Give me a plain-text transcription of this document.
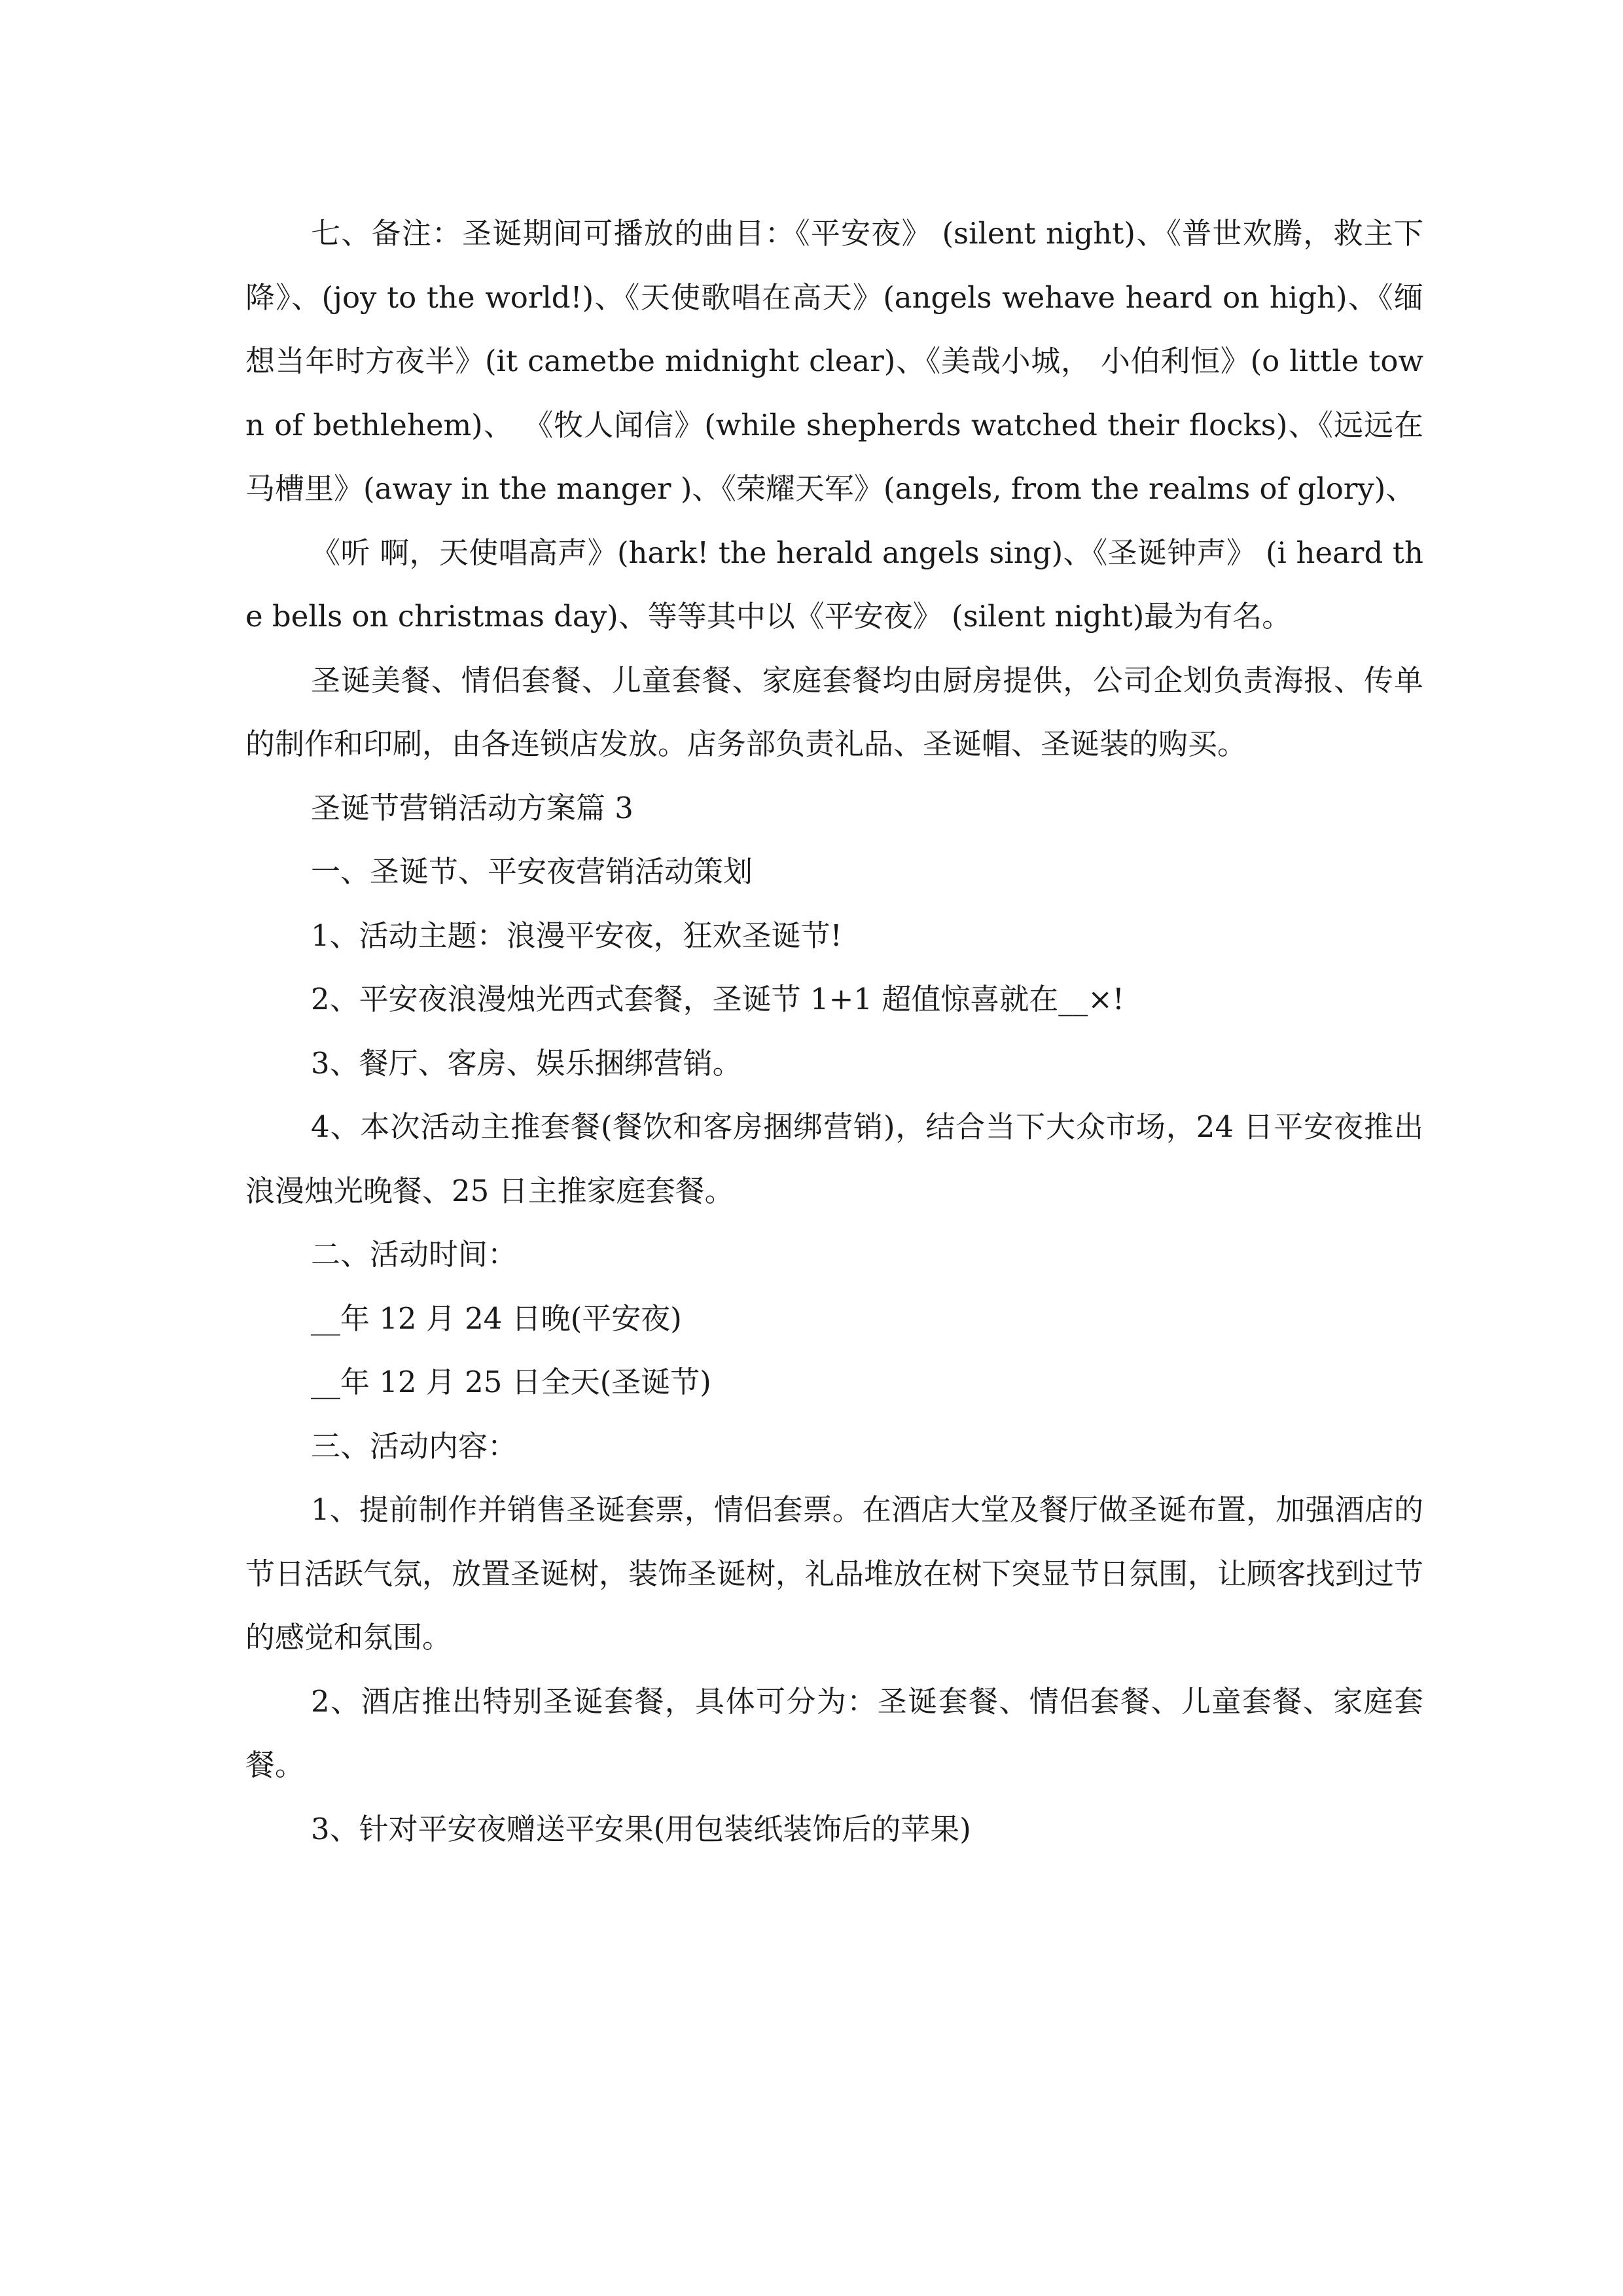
七、备注：圣诞期间可播放的曲目：《平安夜》 (silent night)、《普世欢腾，救主下降》、(joy to the world!)、《天使歌唱在高天》(angels wehave heard on high)、《缅想当年时方夜半》(it cametbe midnight clear)、《美哉小城， 小伯利恒》(o little town of bethlehem)、 《牧人闻信》(while shepherds watched their flocks)、《远远在马槽里》(away in the manger )、《荣耀天军》(angels, from the realms of glory)、

《听 啊，天使唱高声》(hark! the herald angels sing)、《圣诞钟声》 (i heard the bells on christmas day)、等等其中以《平安夜》 (silent night)最为有名。

圣诞美餐、情侣套餐、儿童套餐、家庭套餐均由厨房提供，公司企划负责海报、传单的制作和印刷，由各连锁店发放。店务部负责礼品、圣诞帽、圣诞装的购买。

圣诞节营销活动方案篇 3

一、圣诞节、平安夜营销活动策划

1、活动主题：浪漫平安夜，狂欢圣诞节!

2、平安夜浪漫烛光西式套餐，圣诞节 1+1 超值惊喜就在__×!

3、餐厅、客房、娱乐捆绑营销。

4、本次活动主推套餐(餐饮和客房捆绑营销)，结合当下大众市场，24 日平安夜推出浪漫烛光晚餐、25 日主推家庭套餐。

二、活动时间：

__年 12 月 24 日晚(平安夜)

__年 12 月 25 日全天(圣诞节)

三、活动内容：

1、提前制作并销售圣诞套票，情侣套票。在酒店大堂及餐厅做圣诞布置，加强酒店的节日活跃气氛，放置圣诞树，装饰圣诞树，礼品堆放在树下突显节日氛围，让顾客找到过节的感觉和氛围。

2、酒店推出特别圣诞套餐，具体可分为：圣诞套餐、情侣套餐、儿童套餐、家庭套餐。

3、针对平安夜赠送平安果(用包装纸装饰后的苹果)
